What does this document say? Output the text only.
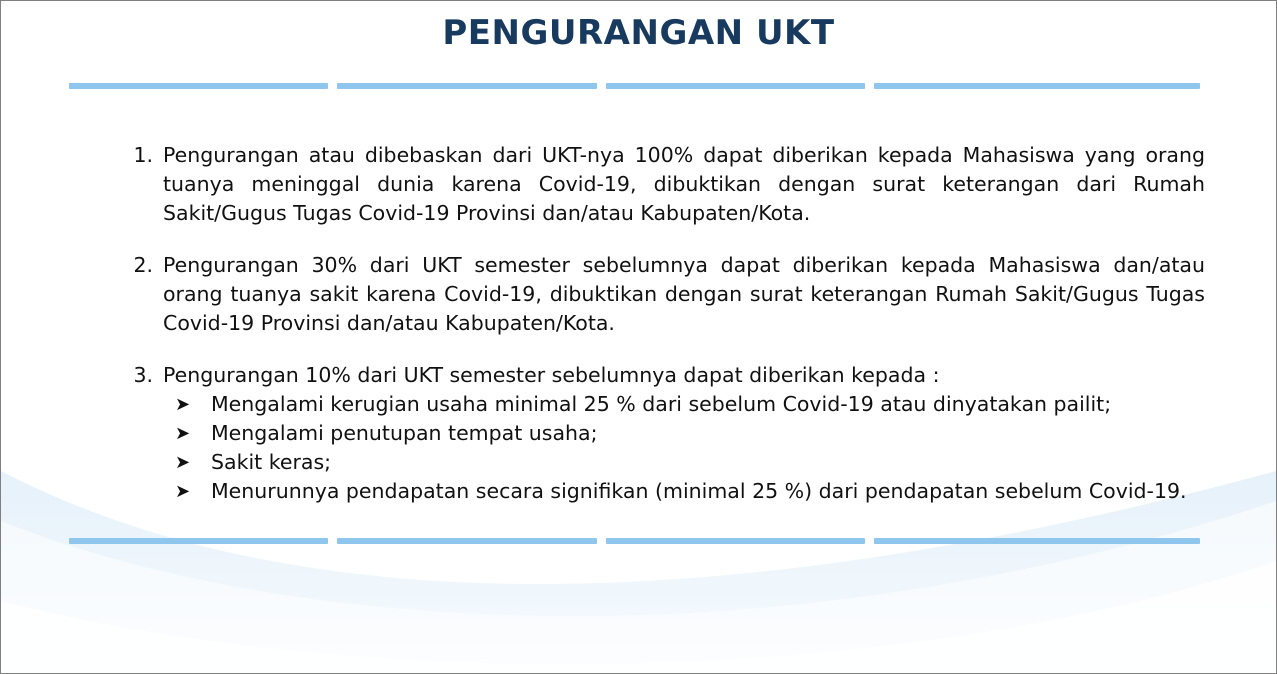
PENGURANGAN UKT
1. Pengurangan atau dibebaskan dari UKT-nya 100% dapat diberikan kepada Mahasiswa yang orang tuanya meninggal dunia karena Covid-19, dibuktikan dengan surat keterangan dari Rumah Sakit/Gugus Tugas Covid-19 Provinsi dan/atau Kabupaten/Kota.
2. Pengurangan 30% dari UKT semester sebelumnya dapat diberikan kepada Mahasiswa dan/atau orang tuanya sakit karena Covid-19, dibuktikan dengan surat keterangan Rumah Sakit/Gugus Tugas Covid-19 Provinsi dan/atau Kabupaten/Kota.
3. Pengurangan 10% dari UKT semester sebelumnya dapat diberikan kepada :
➤	Mengalami kerugian usaha minimal 25 % dari sebelum Covid-19 atau dinyatakan pailit;
➤	Mengalami penutupan tempat usaha;
➤	Sakit keras;
➤	Menurunnya pendapatan secara signifikan (minimal 25 %) dari pendapatan sebelum Covid-19.
